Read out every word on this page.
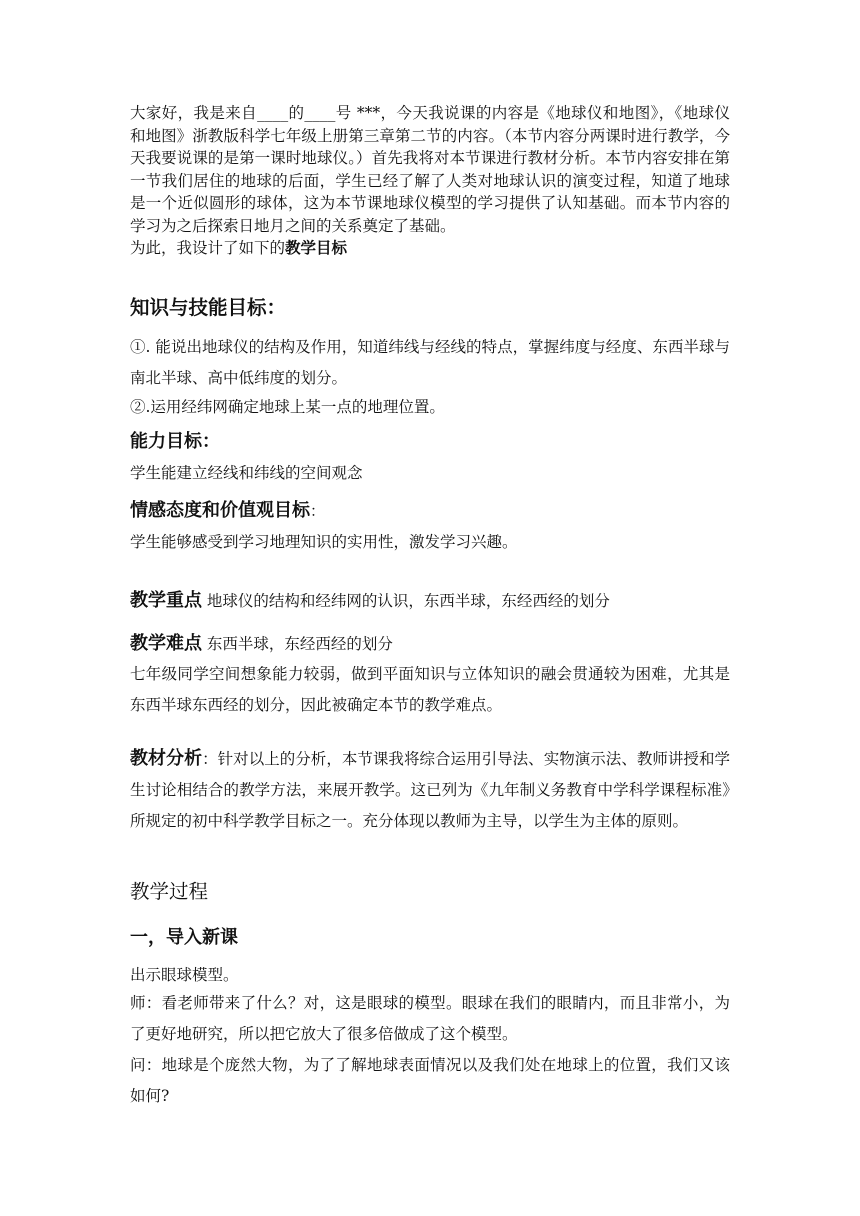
大家好，我是来自____的____号 ***，今天我说课的内容是《地球仪和地图》，《地球仪和地图》浙教版科学七年级上册第三章第二节的内容。（本节内容分两课时进行教学，今天我要说课的是第一课时地球仪。）首先我将对本节课进行教材分析。本节内容安排在第一节我们居住的地球的后面，学生已经了解了人类对地球认识的演变过程，知道了地球是一个近似圆形的球体，这为本节课地球仪模型的学习提供了认知基础。而本节内容的学习为之后探索日地月之间的关系奠定了基础。

为此，我设计了如下的教学目标

知识与技能目标：

①. 能说出地球仪的结构及作用，知道纬线与经线的特点，掌握纬度与经度、东西半球与南北半球、高中低纬度的划分。

②.运用经纬网确定地球上某一点的地理位置。

能力目标：

学生能建立经线和纬线的空间观念

情感态度和价值观目标：

学生能够感受到学习地理知识的实用性，激发学习兴趣。

教学重点 地球仪的结构和经纬网的认识，东西半球，东经西经的划分

教学难点 东西半球，东经西经的划分

七年级同学空间想象能力较弱，做到平面知识与立体知识的融会贯通较为困难，尤其是东西半球东西经的划分，因此被确定本节的教学难点。

教材分析：针对以上的分析，本节课我将综合运用引导法、实物演示法、教师讲授和学生讨论相结合的教学方法，来展开教学。这已列为《九年制义务教育中学科学课程标准》所规定的初中科学教学目标之一。充分体现以教师为主导，以学生为主体的原则。

教学过程

一，导入新课

出示眼球模型。

师：看老师带来了什么？对，这是眼球的模型。眼球在我们的眼睛内，而且非常小，为了更好地研究，所以把它放大了很多倍做成了这个模型。

问：地球是个庞然大物，为了了解地球表面情况以及我们处在地球上的位置，我们又该如何?
